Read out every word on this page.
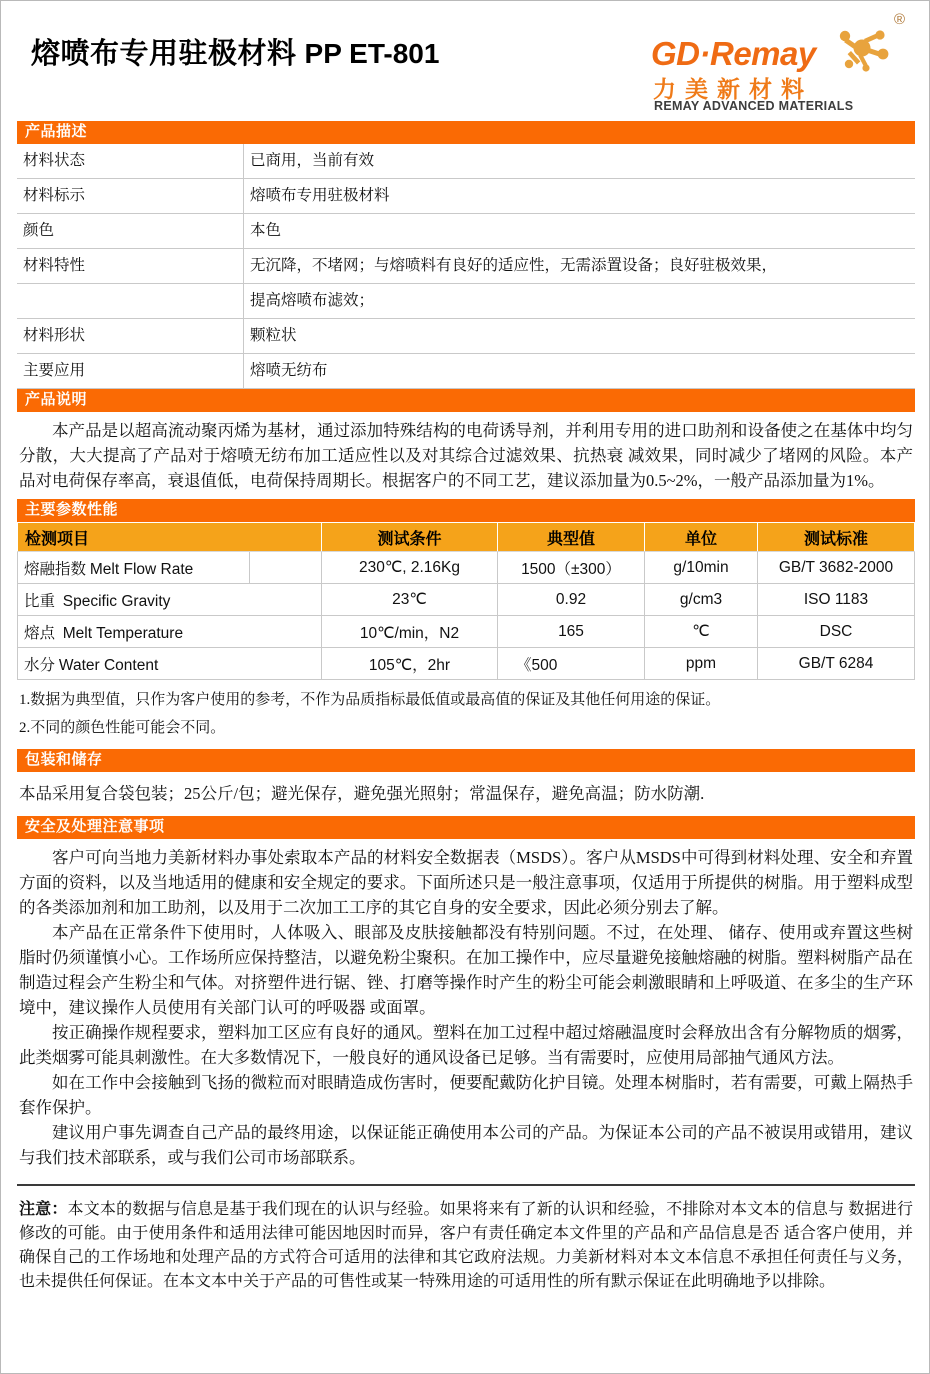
熔喷布专用驻极材料 PP ET-801	GD·Remay
力美新材料
REMAY ADVANCED MATERIALS
®
产品描述
材料状态	已商用，当前有效
材料标示	熔喷布专用驻极材料
颜色	本色
材料特性	无沉降，不堵网；与熔喷料有良好的适应性，无需添置设备；良好驻极效果，
	提高熔喷布滤效；
材料形状	颗粒状
主要应用	熔喷无纺布
产品说明

本产品是以超高流动聚丙烯为基材，通过添加特殊结构的电荷诱导剂，并利用专用的进口助剂和设备使之在基体中均匀分散，大大提高了产品对于熔喷无纺布加工适应性以及对其综合过滤效果、抗热衰 减效果，同时减少了堵网的风险。本产品对电荷保存率高，衰退值低，电荷保持周期长。根据客户的不同工艺，建议添加量为0.5~2%，一般产品添加量为1%。

主要参数性能
检测项目		测试条件	典型值	单位	测试标准
熔融指数 Melt Flow Rate		230℃, 2.16Kg	1500（±300）	g/10min	GB/T 3682-2000
比重 Specific Gravity		23℃	0.92	g/cm3	ISO 1183
熔点 Melt Temperature		10℃/min，N2	165	℃	DSC
水分 Water Content		105℃，2hr	《500	ppm	GB/T 6284
1.数据为典型值，只作为客户使用的参考，不作为品质指标最低值或最高值的保证及其他任何用途的保证。
2.不同的颜色性能可能会不同。
包装和储存
本品采用复合袋包装；25公斤/包；避光保存，避免强光照射；常温保存，避免高温；防水防潮.
安全及处理注意事项

客户可向当地力美新材料办事处索取本产品的材料安全数据表（MSDS）。客户从MSDS中可得到材料处理、安全和弃置方面的资料，以及当地适用的健康和安全规定的要求。下面所述只是一般注意事项，仅适用于所提供的树脂。用于塑料成型的各类添加剂和加工助剂，以及用于二次加工工序的其它自身的安全要求，因此必须分别去了解。

本产品在正常条件下使用时，人体吸入、眼部及皮肤接触都没有特别问题。不过，在处理、 储存、使用或弃置这些树脂时仍须谨慎小心。工作场所应保持整洁，以避免粉尘聚积。在加工操作中，应尽量避免接触熔融的树脂。塑料树脂产品在制造过程会产生粉尘和气体。对挤塑件进行锯、锉、打磨等操作时产生的粉尘可能会刺激眼睛和上呼吸道、在多尘的生产环境中，建议操作人员使用有关部门认可的呼吸器 或面罩。

按正确操作规程要求，塑料加工区应有良好的通风。塑料在加工过程中超过熔融温度时会释放出含有分解物质的烟雾，此类烟雾可能具刺激性。在大多数情况下，一般良好的通风设备已足够。当有需要时，应使用局部抽气通风方法。

如在工作中会接触到飞扬的微粒而对眼睛造成伤害时，便要配戴防化护目镜。处理本树脂时，若有需要，可戴上隔热手套作保护。

建议用户事先调查自己产品的最终用途，以保证能正确使用本公司的产品。为保证本公司的产品不被误用或错用，建议与我们技术部联系，或与我们公司市场部联系。

注意：本文本的数据与信息是基于我们现在的认识与经验。如果将来有了新的认识和经验，不排除对本文本的信息与 数据进行修改的可能。由于使用条件和适用法律可能因地因时而异，客户有责任确定本文件里的产品和产品信息是否 适合客户使用，并确保自己的工作场地和处理产品的方式符合可适用的法律和其它政府法规。力美新材料对本文本信息不承担任何责任与义务，也未提供任何保证。在本文本中关于产品的可售性或某一特殊用途的可适用性的所有默示保证在此明确地予以排除。
